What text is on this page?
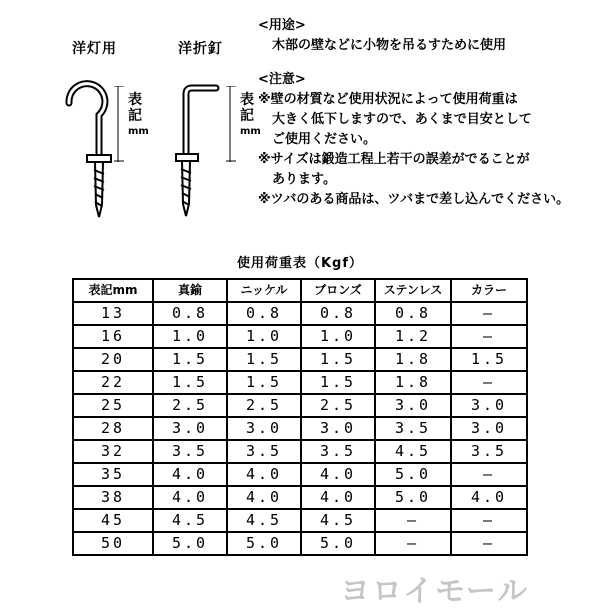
洋灯用	洋折釘
表
記
mm
表
記
mm
<用途>
木部の壁などに小物を吊るすために使用
<注意>
※壁の材質など使用状況によって使用荷重は
大きく低下しますので、あくまで目安として
ご使用ください。
※サイズは鍛造工程上若干の誤差がでることが
あります。
※ツバのある商品は、ツバまで差し込んでください。
使用荷重表（Kgf）
表記mm	真鍮	ニッケル	ブロンズ	ステンレス	カラー
13	0.8	0.8	0.8	0.8	—
16	1.0	1.0	1.0	1.2	—
20	1.5	1.5	1.5	1.8	1.5
22	1.5	1.5	1.5	1.8	—
25	2.5	2.5	2.5	3.0	3.0
28	3.0	3.0	3.0	3.5	3.0
32	3.5	3.5	3.5	4.5	3.5
35	4.0	4.0	4.0	5.0	—
38	4.0	4.0	4.0	5.0	4.0
45	4.5	4.5	4.5	—	—
50	5.0	5.0	5.0	—	—
ヨロイモール
